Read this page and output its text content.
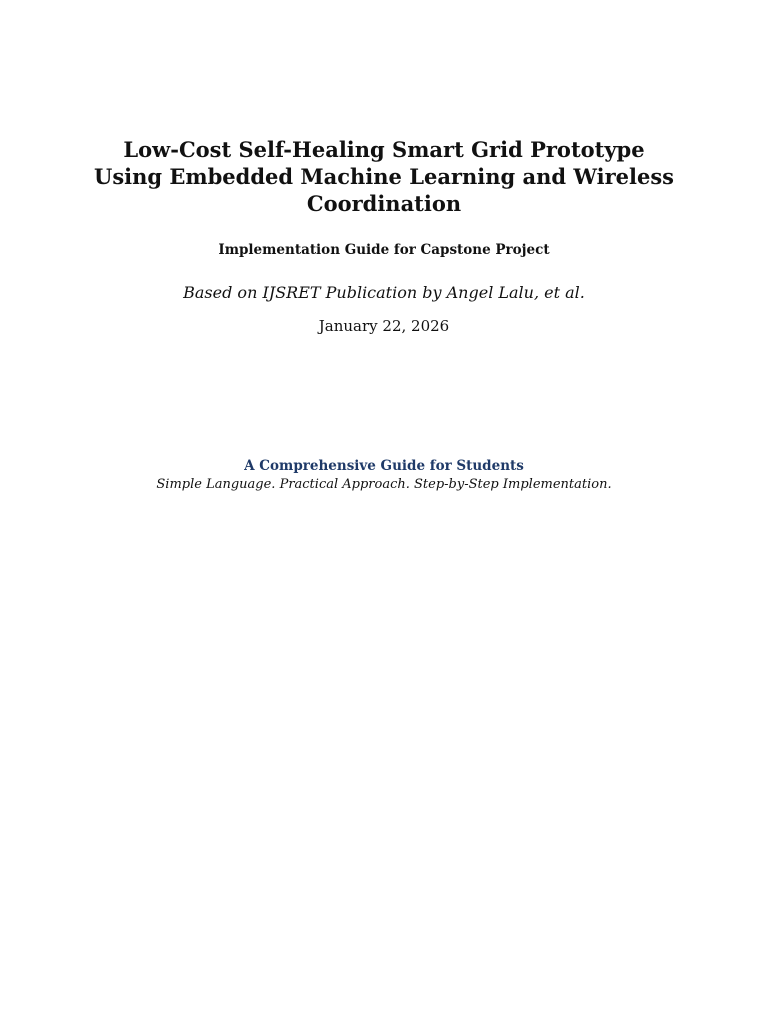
Low-Cost Self-Healing Smart Grid Prototype
Using Embedded Machine Learning and Wireless
Coordination
Implementation Guide for Capstone Project
Based on IJSRET Publication by Angel Lalu, et al.
January 22, 2026
A Comprehensive Guide for Students
Simple Language. Practical Approach. Step-by-Step Implementation.
